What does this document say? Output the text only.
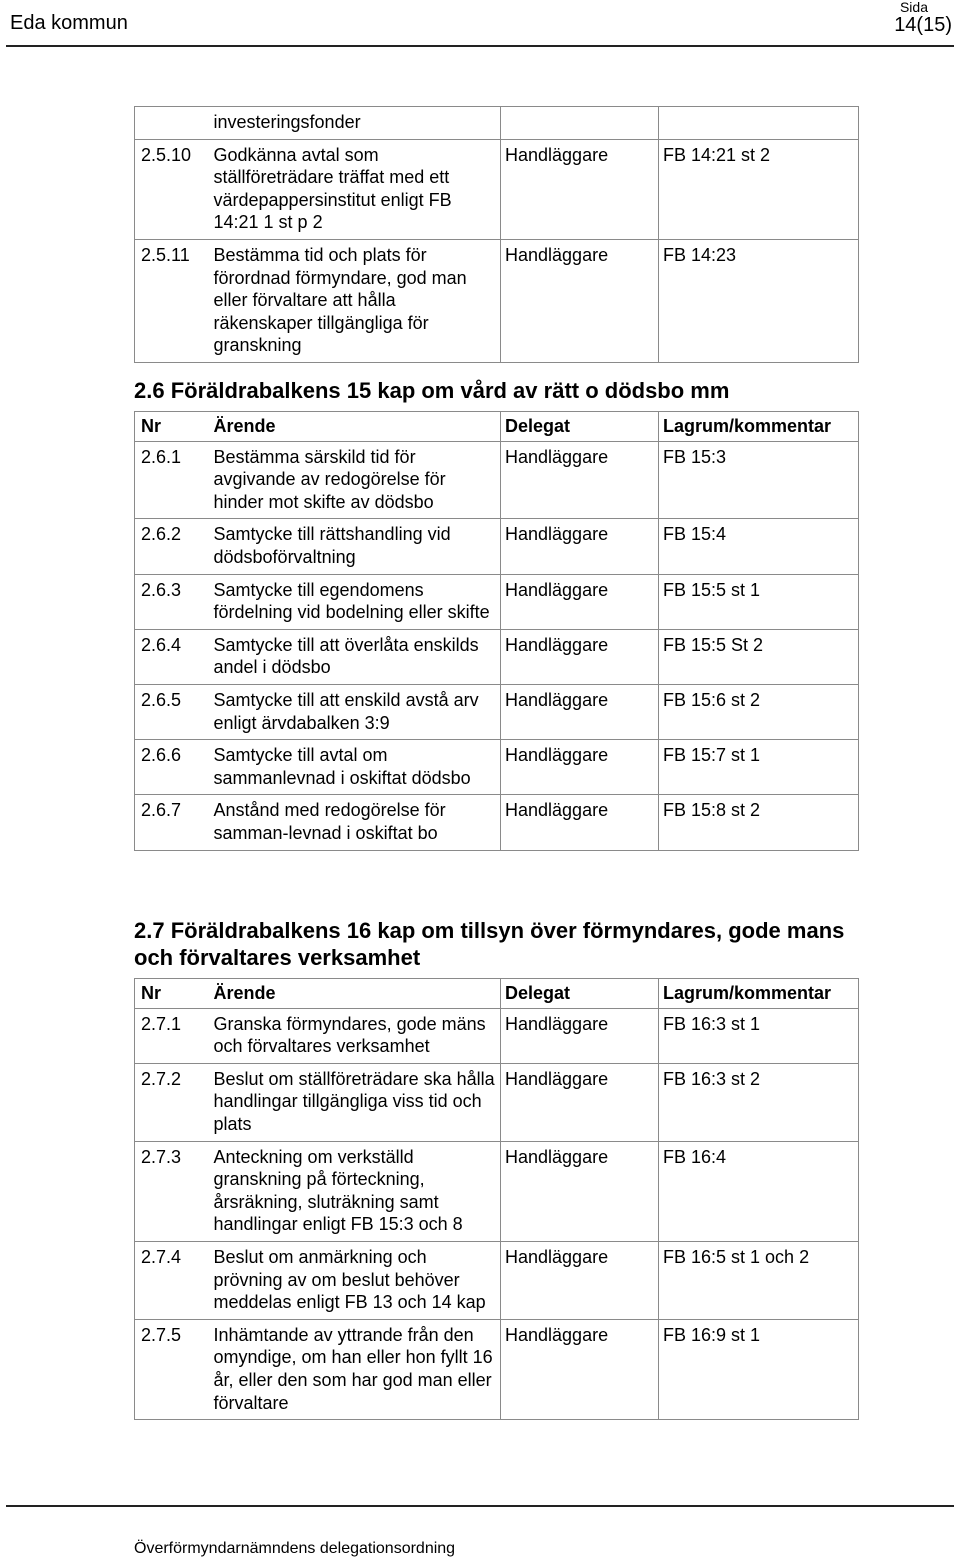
Eda kommun
Sida
14(15)
	investeringsfonder		
2.5.10	Godkänna avtal som ställföreträdare träffat med ett värdepappersinstitut enligt FB 14:21 1 st p 2	Handläggare	FB 14:21 st 2
2.5.11	Bestämma tid och plats för förordnad förmyndare, god man eller förvaltare att hålla räkenskaper tillgängliga för granskning	Handläggare	FB 14:23
2.6 Föräldrabalkens 15 kap om vård av rätt o dödsbo mm
Nr	Ärende	Delegat	Lagrum/kommentar
2.6.1	Bestämma särskild tid för avgivande av redogörelse för hinder mot skifte av dödsbo	Handläggare	FB 15:3
2.6.2	Samtycke till rättshandling vid dödsboförvaltning	Handläggare	FB 15:4
2.6.3	Samtycke till egendomens fördelning vid bodelning eller skifte	Handläggare	FB 15:5 st 1
2.6.4	Samtycke till att överlåta enskilds andel i dödsbo	Handläggare	FB 15:5 St 2
2.6.5	Samtycke till att enskild avstå arv enligt ärvdabalken 3:9	Handläggare	FB 15:6 st 2
2.6.6	Samtycke till avtal om sammanlevnad i oskiftat dödsbo	Handläggare	FB 15:7 st 1
2.6.7	Anstånd med redogörelse för samman-levnad i oskiftat bo	Handläggare	FB 15:8 st 2
2.7 Föräldrabalkens 16 kap om tillsyn över förmyndares, gode mans och förvaltares verksamhet
Nr	Ärende	Delegat	Lagrum/kommentar
2.7.1	Granska förmyndares, gode mäns och förvaltares verksamhet	Handläggare	FB 16:3 st 1
2.7.2	Beslut om ställföreträdare ska hålla handlingar tillgängliga viss tid och plats	Handläggare	FB 16:3 st 2
2.7.3	Anteckning om verkställd granskning på förteckning, årsräkning, sluträkning samt handlingar enligt FB 15:3 och 8	Handläggare	FB 16:4
2.7.4	Beslut om anmärkning och prövning av om beslut behöver meddelas enligt FB 13 och 14 kap	Handläggare	FB 16:5 st 1 och 2
2.7.5	Inhämtande av yttrande från den omyndige, om han eller hon fyllt 16 år, eller den som har god man eller förvaltare	Handläggare	FB 16:9 st 1
Överförmyndarnämndens delegationsordning
